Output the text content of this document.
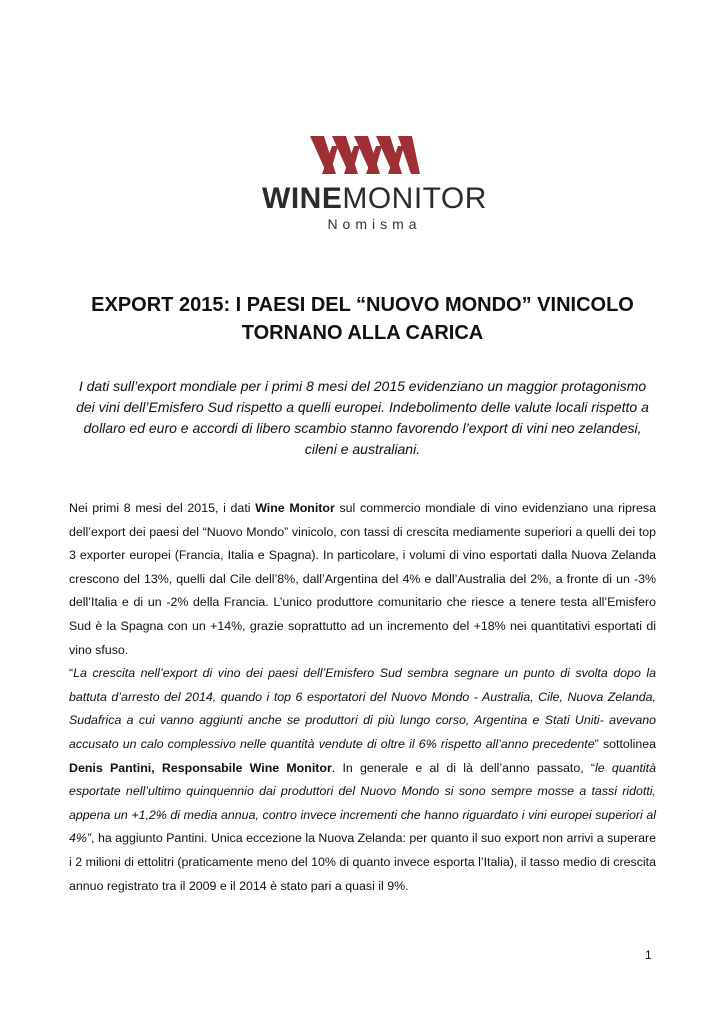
WINEMONITOR
Nomisma
EXPORT 2015: I PAESI DEL “NUOVO MONDO” VINICOLO
TORNANO ALLA CARICA
I dati sull’export mondiale per i primi 8 mesi del 2015 evidenziano un maggior protagonismo dei vini dell’Emisfero Sud rispetto a quelli europei. Indebolimento delle valute locali rispetto a dollaro ed euro e accordi di libero scambio stanno favorendo l’export di vini neo zelandesi, cileni e australiani.

Nei primi 8 mesi del 2015, i dati Wine Monitor sul commercio mondiale di vino evidenziano una ripresa dell’export dei paesi del “Nuovo Mondo” vinicolo, con tassi di crescita mediamente superiori a quelli dei top 3 exporter europei (Francia, Italia e Spagna). In particolare, i volumi di vino esportati dalla Nuova Zelanda crescono del 13%, quelli dal Cile dell’8%, dall’Argentina del 4% e dall’Australia del 2%, a fronte di un -3% dell’Italia e di un -2% della Francia. L’unico produttore comunitario che riesce a tenere testa all’Emisfero Sud è la Spagna con un +14%, grazie soprattutto ad un incremento del +18% nei quantitativi esportati di vino sfuso.

“La crescita nell’export di vino dei paesi dell’Emisfero Sud sembra segnare un punto di svolta dopo la battuta d’arresto del 2014, quando i top 6 esportatori del Nuovo Mondo - Australia, Cile, Nuova Zelanda, Sudafrica a cui vanno aggiunti anche se produttori di più lungo corso, Argentina e Stati Uniti- avevano accusato un calo complessivo nelle quantità vendute di oltre il 6% rispetto all’anno precedente” sottolinea Denis Pantini, Responsabile Wine Monitor. In generale e al di là dell’anno passato, “le quantità esportate nell’ultimo quinquennio dai produttori del Nuovo Mondo si sono sempre mosse a tassi ridotti, appena un +1,2% di media annua, contro invece incrementi che hanno riguardato i vini europei superiori al 4%”, ha aggiunto Pantini. Unica eccezione la Nuova Zelanda: per quanto il suo export non arrivi a superare i 2 milioni di ettolitri (praticamente meno del 10% di quanto invece esporta l’Italia), il tasso medio di crescita annuo registrato tra il 2009 e il 2014 è stato pari a quasi il 9%.

1
